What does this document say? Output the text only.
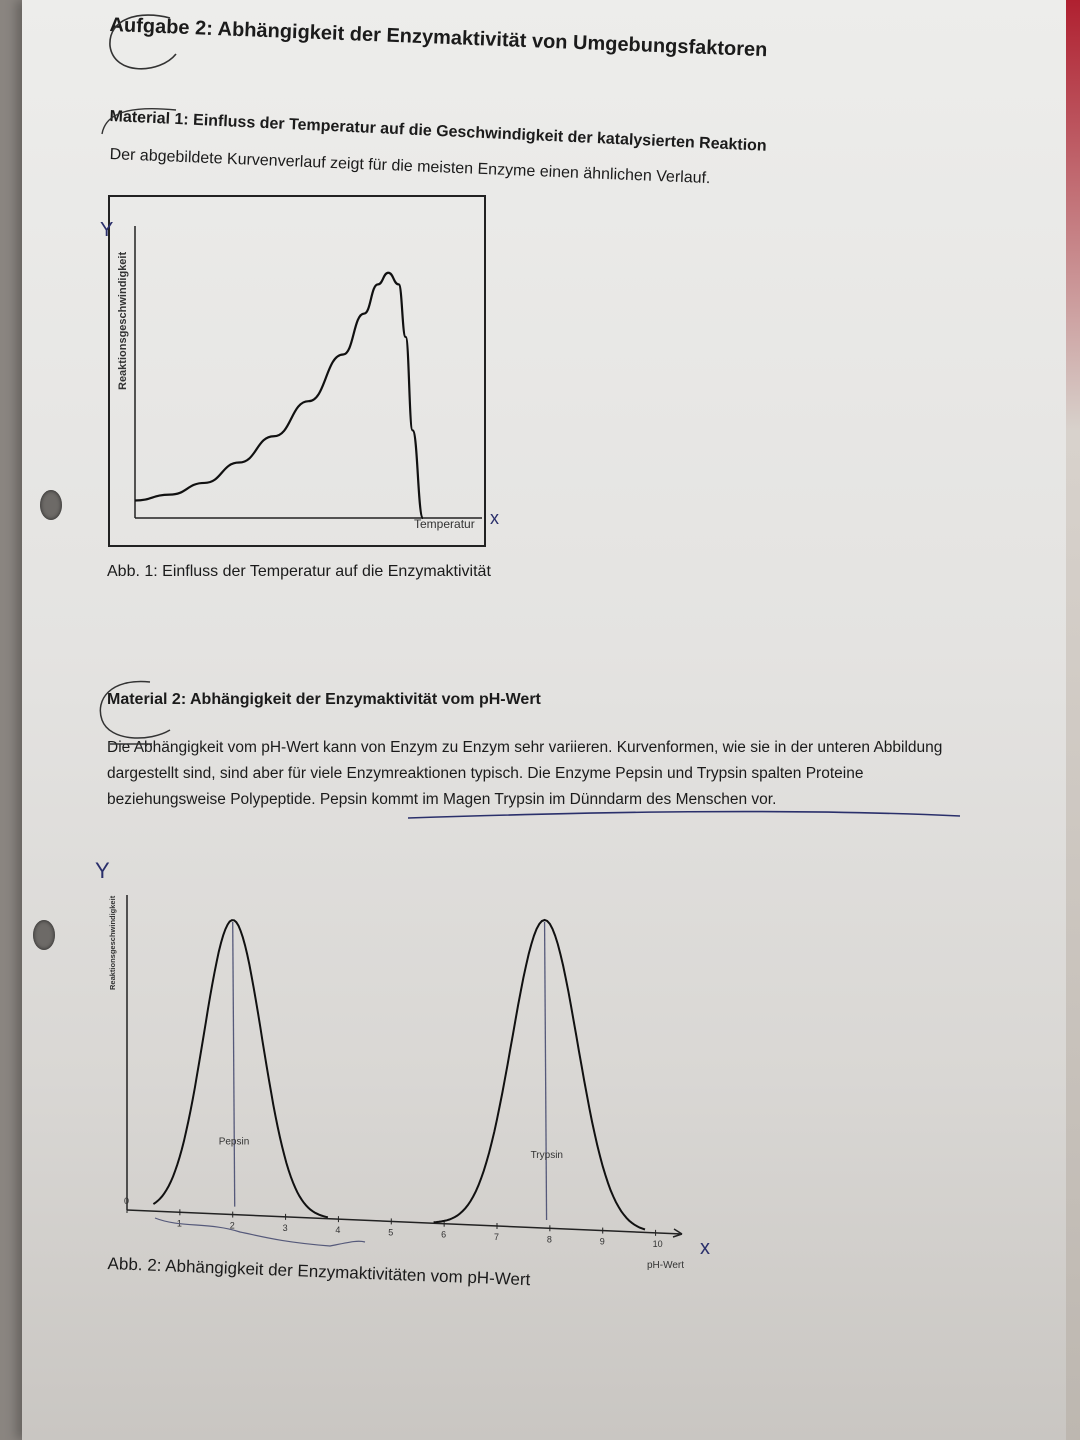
Aufgabe 2: Abhängigkeit der Enzymaktivität von Umgebungsfaktoren
Material 1: Einfluss der Temperatur auf die Geschwindigkeit der katalysierten Reaktion
Der abgebildete Kurvenverlauf zeigt für die meisten Enzyme einen ähnlichen Verlauf.
Reaktionsgeschwindigkeit
Temperatur
Y
x
Abb. 1: Einfluss der Temperatur auf die Enzymaktivität
Material 2: Abhängigkeit der Enzymaktivität vom pH-Wert
Die Abhängigkeit vom pH-Wert kann von Enzym zu Enzym sehr variieren. Kurvenformen, wie sie in der unteren Abbildung dargestellt sind, sind aber für viele Enzymreaktionen typisch. Die Enzyme Pepsin und Trypsin spalten Proteine beziehungsweise Polypeptide. Pepsin kommt im Magen Trypsin im Dünndarm des Menschen vor.
0
1	2	3	4	5	6	7	8	9	10
Pepsin
Trypsin
Reaktionsgeschwindigkeit
pH-Wert
Y
x
Abb. 2: Abhängigkeit der Enzymaktivitäten vom pH-Wert
